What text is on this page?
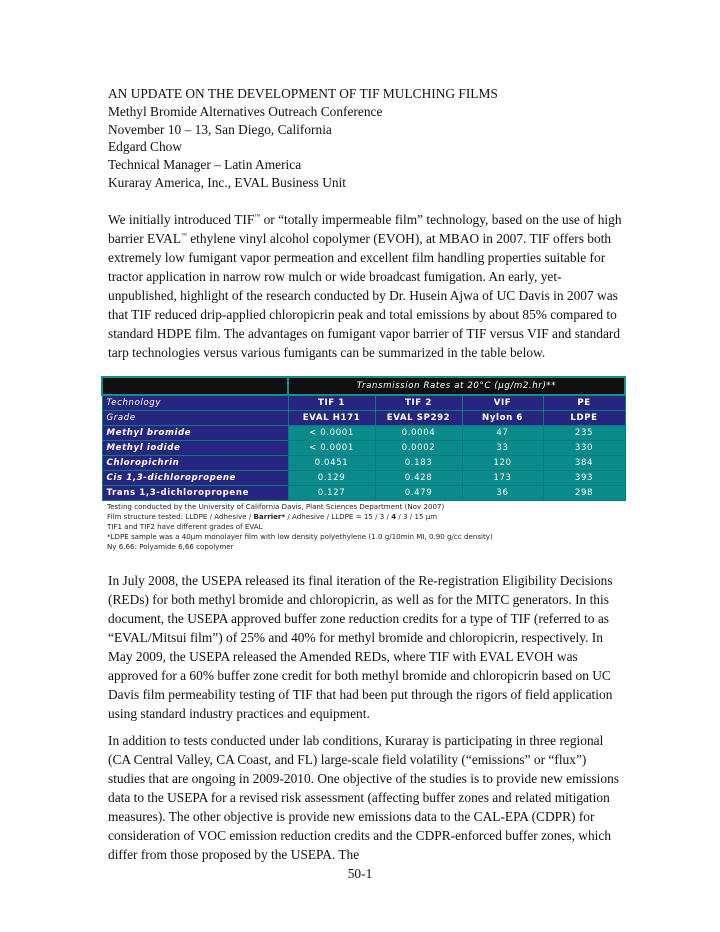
AN UPDATE ON THE DEVELOPMENT OF TIF MULCHING FILMS
Methyl Bromide Alternatives Outreach Conference
November 10 – 13, San Diego, California
Edgard Chow
Technical Manager – Latin America
Kuraray America, Inc., EVAL Business Unit
We initially introduced TIF™ or “totally impermeable film” technology, based on the use of high barrier EVAL™ ethylene vinyl alcohol copolymer (EVOH), at MBAO in 2007. TIF offers both extremely low fumigant vapor permeation and excellent film handling properties suitable for tractor application in narrow row mulch or wide broadcast fumigation. An early, yet-unpublished, highlight of the research conducted by Dr. Husein Ajwa of UC Davis in 2007 was that TIF reduced drip-applied chloropicrin peak and total emissions by about 85% compared to standard HDPE film. The advantages on fumigant vapor barrier of TIF versus VIF and standard tarp technologies versus various fumigants can be summarized in the table below.
	Transmission Rates at 20°C (µg/m2.hr)**			
Technology	TIF 1	TIF 2	VIF	PE
Grade	EVAL H171	EVAL SP292	Nylon 6	LDPE
Methyl bromide	< 0.0001	0.0004	47	235
Methyl iodide	< 0.0001	0.0002	33	330
Chloropichrin	0.0451	0.183	120	384
Cis 1,3-dichloropropene	0.129	0.428	173	393
Trans 1,3-dichloropropene	0.127	0.479	36	298
Testing conducted by the University of California Davis, Plant Sciences Department (Nov 2007)
Film structure tested: LLDPE / Adhesive / Barrier* / Adhesive / LLDPE = 15 / 3 / 4 / 3 / 15 µm
TIF1 and TIF2 have different grades of EVAL
*LDPE sample was a 40µm monolayer film with low density polyethylene (1.0 g/10min MI, 0.90 g/cc density)
Ny 6.66: Polyamide 6,66 copolymer
In July 2008, the USEPA released its final iteration of the Re-registration Eligibility Decisions (REDs) for both methyl bromide and chloropicrin, as well as for the MITC generators. In this document, the USEPA approved buffer zone reduction credits for a type of TIF (referred to as “EVAL/Mitsui film”) of 25% and 40% for methyl bromide and chloropicrin, respectively. In May 2009, the USEPA released the Amended REDs, where TIF with EVAL EVOH was approved for a 60% buffer zone credit for both methyl bromide and chloropicrin based on UC Davis film permeability testing of TIF that had been put through the rigors of field application using standard industry practices and equipment.
In addition to tests conducted under lab conditions, Kuraray is participating in three regional (CA Central Valley, CA Coast, and FL) large-scale field volatility (“emissions” or “flux”) studies that are ongoing in 2009-2010. One objective of the studies is to provide new emissions data to the USEPA for a revised risk assessment (affecting buffer zones and related mitigation measures). The other objective is provide new emissions data to the CAL-EPA (CDPR) for consideration of VOC emission reduction credits and the CDPR-enforced buffer zones, which differ from those proposed by the USEPA. The
50-1
